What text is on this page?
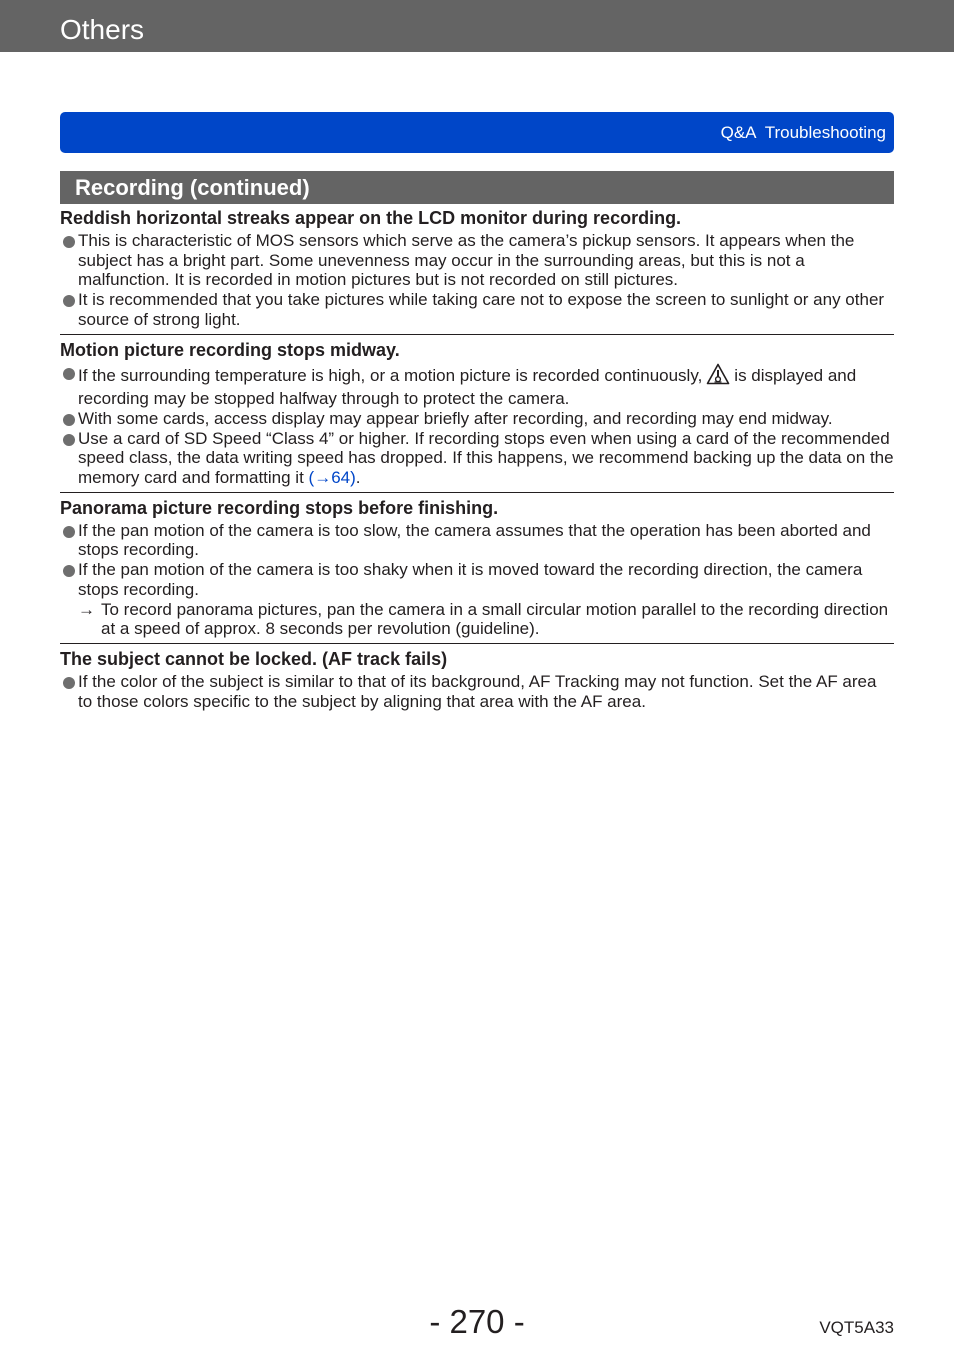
Others
Q&A  Troubleshooting
Recording (continued)
Reddish horizontal streaks appear on the LCD monitor during recording.
This is characteristic of MOS sensors which serve as the camera’s pickup sensors. It appears when the subject has a bright part. Some unevenness may occur in the surrounding areas, but this is not a malfunction. It is recorded in motion pictures but is not recorded on still pictures.
It is recommended that you take pictures while taking care not to expose the screen to sunlight or any other source of strong light.
Motion picture recording stops midway.
If the surrounding temperature is high, or a motion picture is recorded continuously, is displayed and recording may be stopped halfway through to protect the camera.
With some cards, access display may appear briefly after recording, and recording may end midway.
Use a card of SD Speed “Class 4” or higher. If recording stops even when using a card of the recommended speed class, the data writing speed has dropped. If this happens, we recommend backing up the data on the memory card and formatting it (→64).
Panorama picture recording stops before finishing.
If the pan motion of the camera is too slow, the camera assumes that the operation has been aborted and stops recording.
If the pan motion of the camera is too shaky when it is moved toward the recording direction, the camera stops recording.
→ To record panorama pictures, pan the camera in a small circular motion parallel to the recording direction at a speed of approx. 8 seconds per revolution (guideline).
The subject cannot be locked. (AF track fails)
If the color of the subject is similar to that of its background, AF Tracking may not function. Set the AF area to those colors specific to the subject by aligning that area with the AF area.
- 270 -	VQT5A33
